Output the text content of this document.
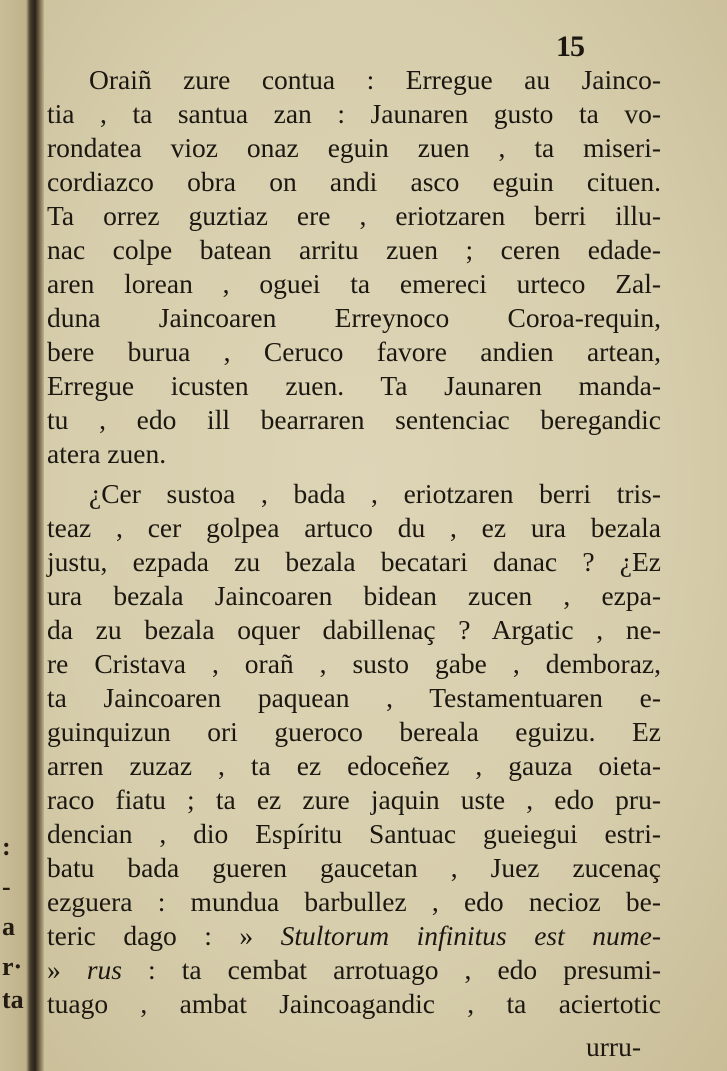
:
-
a
r·
ta
15
Oraiñ zure contua : Erregue au Jainco-
tia , ta santua zan : Jaunaren gusto ta vo-
rondatea vioz onaz eguin zuen , ta miseri-
cordiazco obra on andi asco eguin cituen.
Ta orrez guztiaz ere , eriotzaren berri illu-
nac colpe batean arritu zuen ; ceren edade-
aren lorean , oguei ta emereci urteco Zal-
duna Jaincoaren Erreynoco Coroa-requin,
bere burua , Ceruco favore andien artean,
Erregue icusten zuen. Ta Jaunaren manda-
tu , edo ill bearraren sentenciac beregandic
atera zuen.
¿Cer sustoa , bada , eriotzaren berri tris-
teaz , cer golpea artuco du , ez ura bezala
justu, ezpada zu bezala becatari danac ? ¿Ez
ura bezala Jaincoaren bidean zucen , ezpa-
da zu bezala oquer dabillenaç ? Argatic , ne-
re Cristava , orañ , susto gabe , demboraz,
ta Jaincoaren paquean , Testamentuaren e-
guinquizun ori gueroco bereala eguizu. Ez
arren zuzaz , ta ez edoceñez , gauza oieta-
raco fiatu ; ta ez zure jaquin uste , edo pru-
dencian , dio Espíritu Santuac gueiegui estri-
batu bada gueren gaucetan , Juez zucenaç
ezguera : mundua barbullez , edo necioz be-
teric dago : » Stultorum infinitus est nume-
» rus : ta cembat arrotuago , edo presumi-
tuago , ambat Jaincoagandic , ta aciertotic
urru-
